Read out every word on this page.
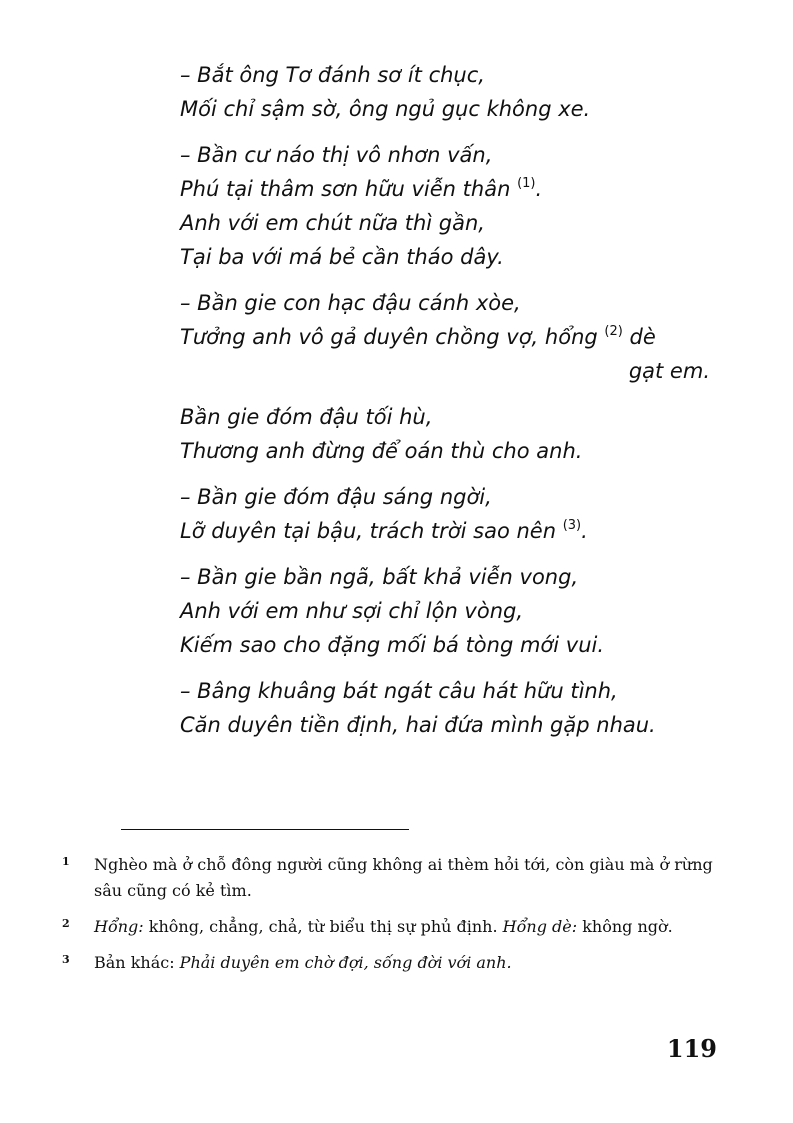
– Bắt ông Tơ đánh sơ ít chục,
Mối chỉ sậm sờ, ông ngủ gục không xe.
– Bần cư náo thị vô nhơn vấn,
Phú tại thâm sơn hữu viễn thân $^{(1)}$.
Anh với em chút nữa thì gần,
Tại ba với má bẻ cần tháo dây.
– Bần gie con hạc đậu cánh xòe,
Tưởng anh vô gả duyên chồng vợ, hổng $^{(2)}$ dè
gạt em.
Bần gie đóm đậu tối hù,
Thương anh đừng để oán thù cho anh.
– Bần gie đóm đậu sáng ngời,
Lỡ duyên tại bậu, trách trời sao nên $^{(3)}$.
– Bần gie bần ngã, bất khả viễn vong,
Anh với em như sợi chỉ lộn vòng,
Kiếm sao cho đặng mối bá tòng mới vui.
– Bâng khuâng bát ngát câu hát hữu tình,
Căn duyên tiền định, hai đứa mình gặp nhau.
1 Nghèo mà ở chỗ đông người cũng không ai thèm hỏi tới, còn giàu mà ở rừng sâu cũng có kẻ tìm.
2 Hổng: không, chẳng, chả, từ biểu thị sự phủ định. Hổng dè: không ngờ.
3 Bản khác: Phải duyên em chờ đợi, sống đời với anh.
119
